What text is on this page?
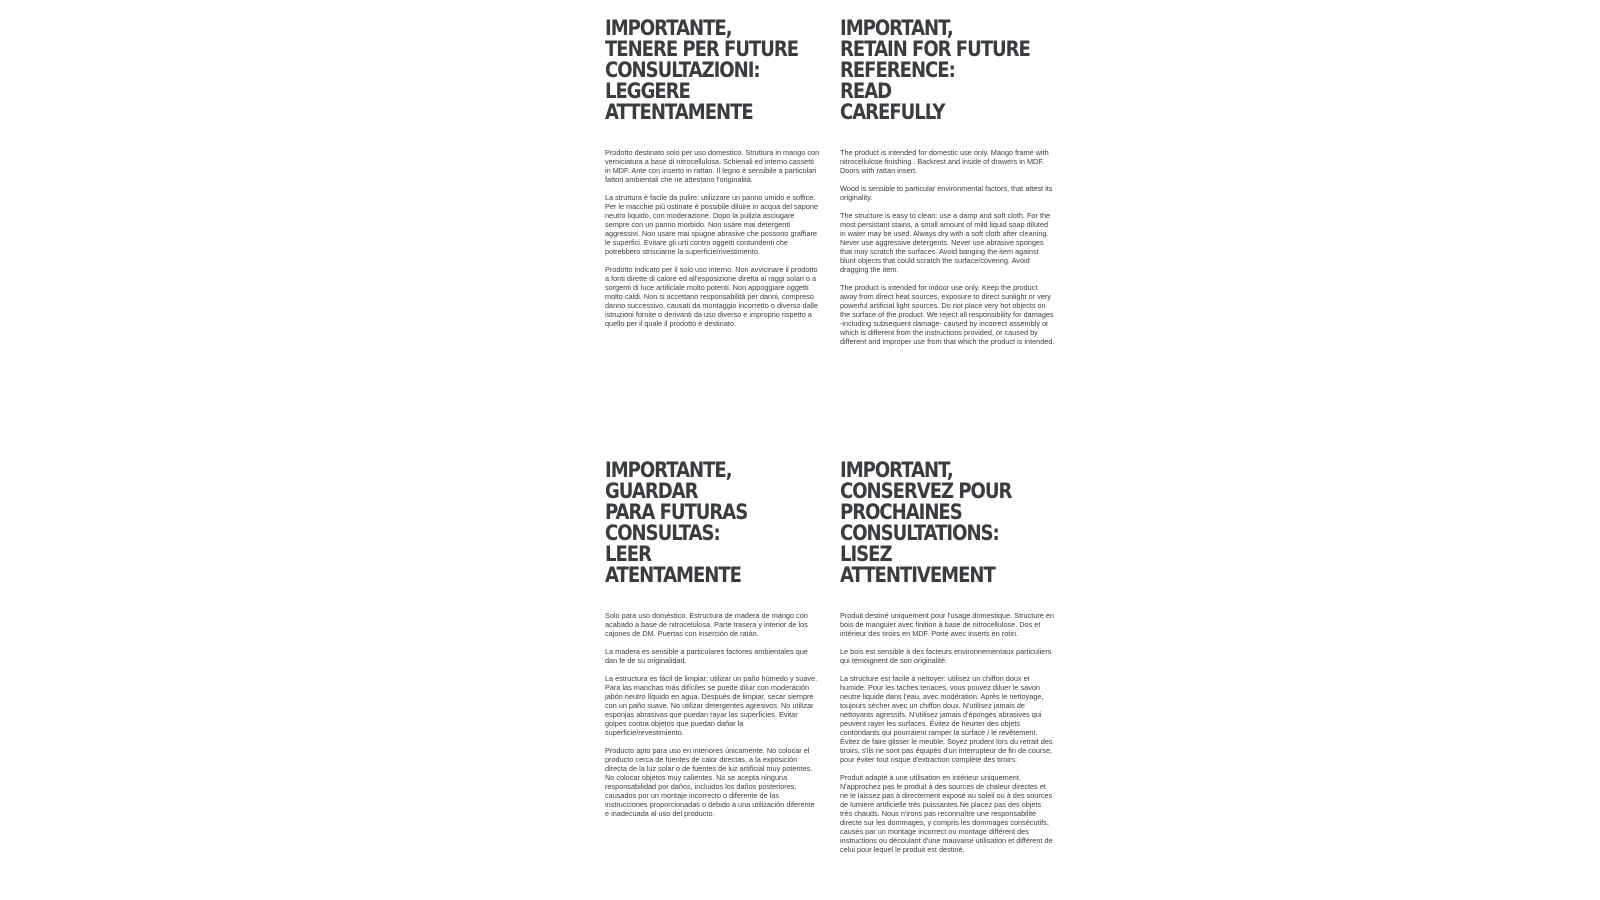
IMPORTANTE,
TENERE PER FUTURE
CONSULTAZIONI:
LEGGERE
ATTENTAMENTE

Prodotto destinato solo per uso domestico. Struttura in mango con verniciatura a base di nitrocellulosa. Schienali ed interno cassetti in MDF. Ante con inserto in rattan. Il legno è sensibile a particolari fattori ambientali che ne attestano l'originalità.

La struttura è facile da pulire: utilizzare un panno umido e soffice. Per le macchie più ostinate è possibile diluire in acqua del sapone neutro liquido, con moderazione. Dopo la pulizia asciugare sempre con un panno morbido. Non usare mai detergenti aggressivi. Non usare mai spugne abrasive che possono graffiare le superfici. Evitare gli urti contro oggetti contundenti che potrebbero strisciarne la superficie/rivestimento.

Prodotto indicato per il solo uso interno. Non avvicinare il prodotto a fonti dirette di calore ed all'esposizione diretta ai raggi solari o a sorgenti di luce artificiale molto potenti. Non appoggiare oggetti molto caldi. Non si accettano responsabilità per danni, compreso danno successivo, causati da montaggio incorretto o diverso dalle istruzioni fornite o derivanti da uso diverso e improprio rispetto a quello per il quale il prodotto è destinato.

IMPORTANT,
RETAIN FOR FUTURE
REFERENCE:
READ
CAREFULLY

The product is intended for domestic use only. Mango frame with nitrocellulose finishing . Backrest and inside of drawers in MDF. Doors with rattan insert.

Wood is sensible to particular environmental factors, that attest its originality.

The structure is easy to clean: use a damp and soft cloth. For the most persistant stains, a small amount of mild liquid soap diluted in water may be used. Always dry with a soft cloth after cleaning. Never use aggressive detergents. Never use abrasive sponges that may scratch the surfaces. Avoid banging the item against blunt objects that could scratch the surface/covering. Avoid dragging the item.

The product is intended for indoor use only. Keep the product away from direct heat sources, exposure to direct sunlight or very powerful artificial light sources. Do not place very hot objects on the surface of the product. We reject all responsibility for damages -including subsequent damage- caused by incorrect assembly or which is different from the instructions provided, or caused by different and improper use from that which the product is intended.

IMPORTANTE,
GUARDAR
PARA FUTURAS
CONSULTAS:
LEER
ATENTAMENTE

Solo para uso doméstico. Estructura de madera de mango con acabado a base de nitrocelulosa. Parte trasera y interior de los cajones de DM. Puertas con inserción de ratán.

La madera es sensible a particulares factores ambientales que dan fe de su originalidad.

La estructura es fácil de limpiar: utilizar un paño húmedo y suave. Para las manchas más difíciles se puede diluir con moderación jabón neutro líquido en agua. Después de limpiar, secar siempre con un paño suave. No utilizar detergentes agresivos. No utilizar esponjas abrasivas que puedan rayar las superficies. Evitar golpes contra objetos que puedan dañar la superficie/revestimiento.

Producto apto para uso en interiores únicamente. No colocar el producto cerca de fuentes de calor directas, a la exposición directa de la luz solar o de fuentes de luz artificial muy potentes. No colocar objetos muy calientes. No se acepta ninguna responsabilidad por daños, incluidos los daños posteriores, causados por un montaje incorrecto o diferente de las instrucciones proporcionadas o debido a una utilización diferente e inadecuada al uso del producto.

IMPORTANT,
CONSERVEZ POUR
PROCHAINES
CONSULTATIONS:
LISEZ
ATTENTIVEMENT

Produit destiné uniquement pour l'usage domestique. Structure en bois de manguier avec finition à base de nitrocellulose. Dos et intérieur des tiroirs en MDF. Porte avec inserts en rotin.

Le bois est sensible à des facteurs environnementaux particuliers qui témoignent de son originalité.

La structure est facile à nettoyer: utilisez un chiffon doux et humide. Pour les taches tenaces, vous pouvez diluer le savon neutre liquide dans l'eau, avec modération. Après le nettoyage, toujours sécher avec un chiffon doux. N'utilisez jamais de nettoyants agressifs. N'utilisez jamais d'éponges abrasives qui peuvent rayer les surfaces. Évitez de heurter des objets contondants qui pourraient ramper la surface / le revêtement. Évitez de faire glisser le meuble. Soyez prudent lors du retrait des tiroirs, s'ils ne sont pas équipés d'un interrupteur de fin de course, pour éviter tout risque d'extraction complète des tiroirs.

Produit adapté à une utilisation en intérieur uniquement. N'approchez pas le produit à des sources de chaleur directes et ne le laissez pas à directement exposé au soleil ou à des sources de lumière artificielle très puissantes.Ne placez pas des objets très chauds. Nous n'irons pas reconnaître une responsabilité directe sur les dommages, y compris les dommages consécutifs, causés par un montage incorrect ou montage différent des instructions ou découlant d'une mauvaise utilisation et différent de celui pour lequel le produit est destiné.
